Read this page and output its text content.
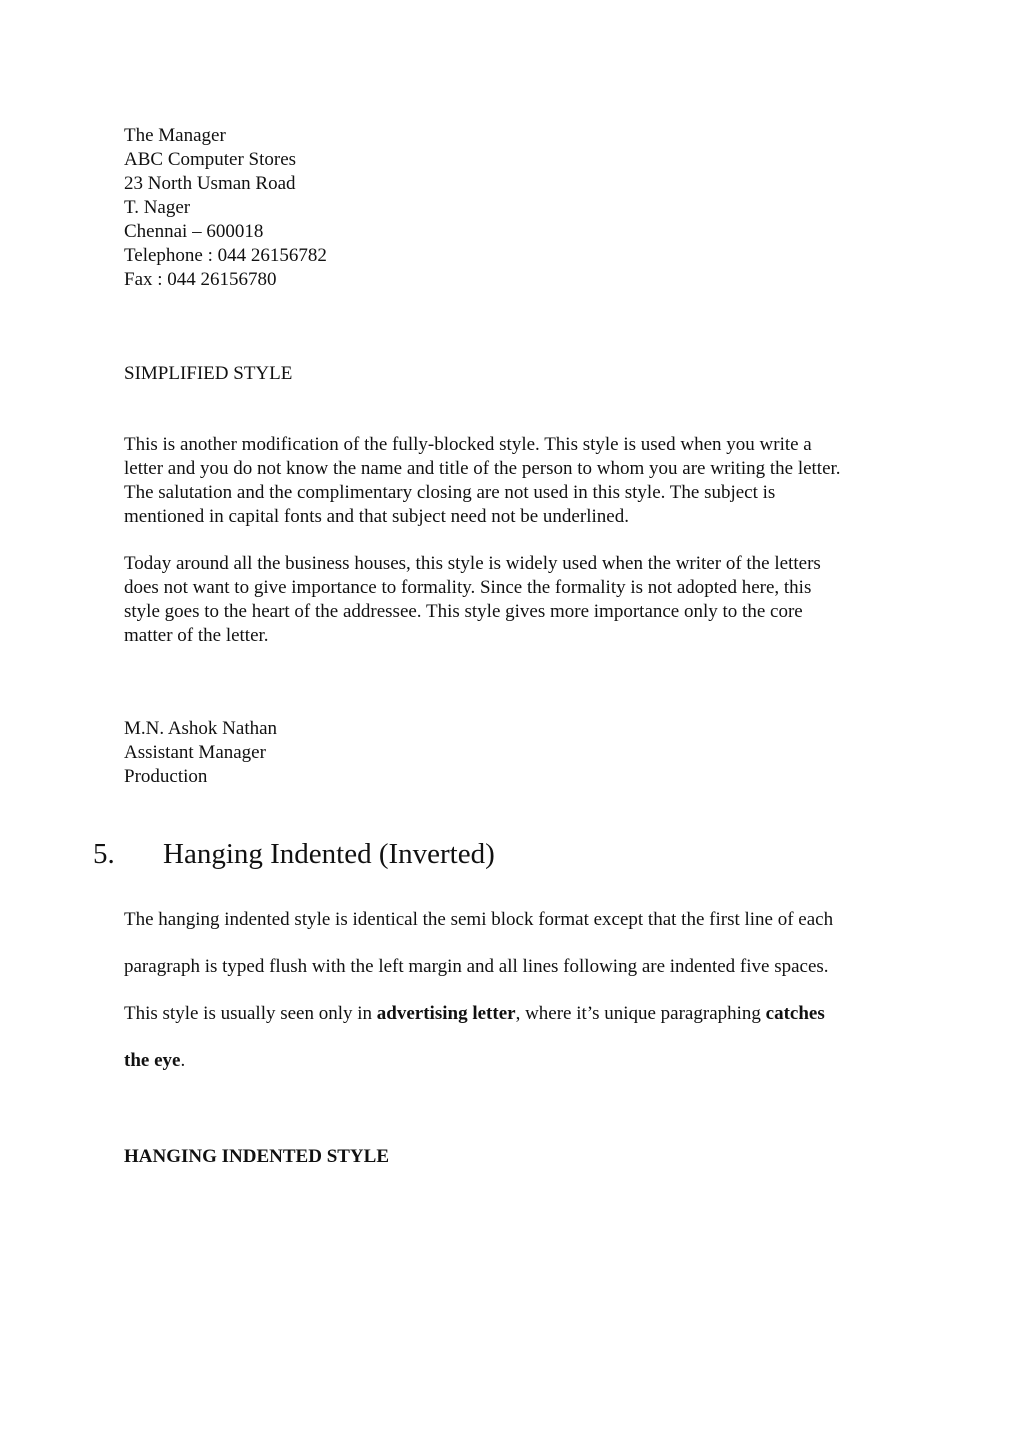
The Manager
ABC Computer Stores
23 North Usman Road
T. Nager
Chennai – 600018
Telephone : 044 26156782
Fax : 044 26156780
SIMPLIFIED STYLE
This is another modification of the fully-blocked style. This style is used when you write a
letter and you do not know the name and title of the person to whom you are writing the letter.
The salutation and the complimentary closing are not used in this style. The subject is
mentioned in capital fonts and that subject need not be underlined.
Today around all the business houses, this style is widely used when the writer of the letters
does not want to give importance to formality. Since the formality is not adopted here, this
style goes to the heart of the addressee. This style gives more importance only to the core
matter of the letter.
M.N. Ashok Nathan
Assistant Manager
Production
5. Hanging Indented (Inverted)
The hanging indented style is identical the semi block format except that the first line of each
paragraph is typed flush with the left margin and all lines following are indented five spaces.
This style is usually seen only in advertising letter, where it’s unique paragraphing catches
the eye.
HANGING INDENTED STYLE
